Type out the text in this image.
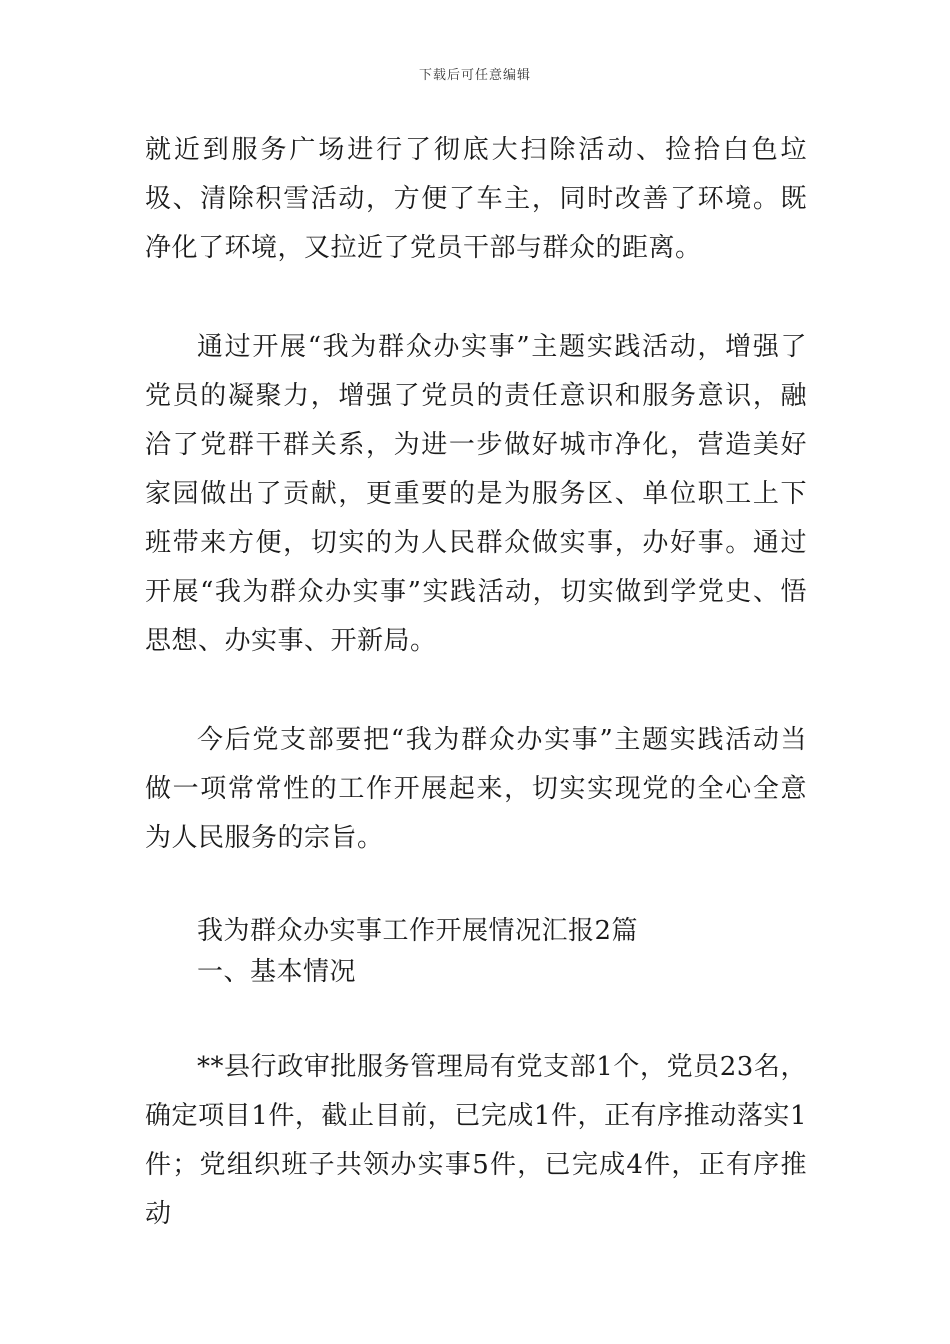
下载后可任意编辑

就近到服务广场进行了彻底大扫除活动、捡拾白色垃圾、清除积雪活动，方便了车主，同时改善了环境。既净化了环境，又拉近了党员干部与群众的距离。

通过开展“我为群众办实事”主题实践活动，增强了党员的凝聚力，增强了党员的责任意识和服务意识，融洽了党群干群关系，为进一步做好城市净化，营造美好家园做出了贡献，更重要的是为服务区、单位职工上下班带来方便，切实的为人民群众做实事，办好事。通过开展“我为群众办实事”实践活动，切实做到学党史、悟思想、办实事、开新局。

今后党支部要把“我为群众办实事”主题实践活动当做一项常常性的工作开展起来，切实实现党的全心全意为人民服务的宗旨。

我为群众办实事工作开展情况汇报2篇

一、基本情况

**县行政审批服务管理局有党支部1个，党员23名，确定项目1件，截止目前，已完成1件，正有序推动落实1件；党组织班子共领办实事5件，已完成4件，正有序推动
